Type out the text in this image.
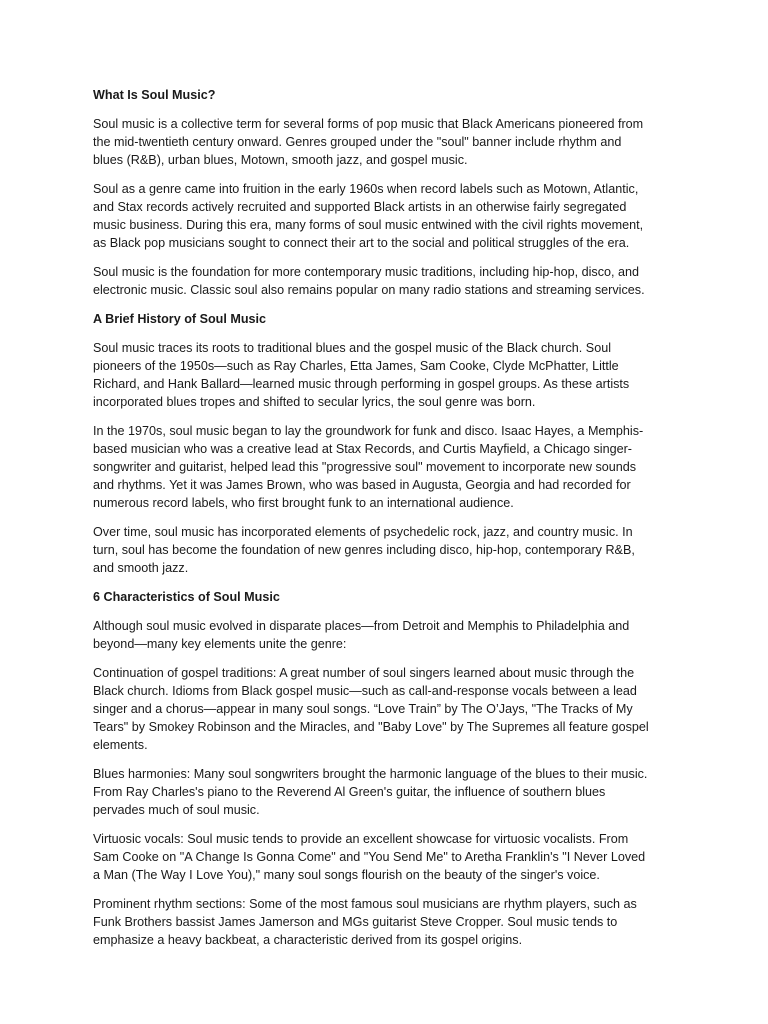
What Is Soul Music?
Soul music is a collective term for several forms of pop music that Black Americans pioneered from the mid-twentieth century onward. Genres grouped under the "soul" banner include rhythm and blues (R&B), urban blues, Motown, smooth jazz, and gospel music.
Soul as a genre came into fruition in the early 1960s when record labels such as Motown, Atlantic, and Stax records actively recruited and supported Black artists in an otherwise fairly segregated music business. During this era, many forms of soul music entwined with the civil rights movement, as Black pop musicians sought to connect their art to the social and political struggles of the era.
Soul music is the foundation for more contemporary music traditions, including hip-hop, disco, and electronic music. Classic soul also remains popular on many radio stations and streaming services.
A Brief History of Soul Music
Soul music traces its roots to traditional blues and the gospel music of the Black church. Soul pioneers of the 1950s—such as Ray Charles, Etta James, Sam Cooke, Clyde McPhatter, Little Richard, and Hank Ballard—learned music through performing in gospel groups. As these artists incorporated blues tropes and shifted to secular lyrics, the soul genre was born.
In the 1970s, soul music began to lay the groundwork for funk and disco. Isaac Hayes, a Memphis-based musician who was a creative lead at Stax Records, and Curtis Mayfield, a Chicago singer-songwriter and guitarist, helped lead this "progressive soul" movement to incorporate new sounds and rhythms. Yet it was James Brown, who was based in Augusta, Georgia and had recorded for numerous record labels, who first brought funk to an international audience.
Over time, soul music has incorporated elements of psychedelic rock, jazz, and country music. In turn, soul has become the foundation of new genres including disco, hip-hop, contemporary R&B, and smooth jazz.
6 Characteristics of Soul Music
Although soul music evolved in disparate places—from Detroit and Memphis to Philadelphia and beyond—many key elements unite the genre:
Continuation of gospel traditions: A great number of soul singers learned about music through the Black church. Idioms from Black gospel music—such as call-and-response vocals between a lead singer and a chorus—appear in many soul songs. “Love Train” by The O’Jays, "The Tracks of My Tears" by Smokey Robinson and the Miracles, and "Baby Love" by The Supremes all feature gospel elements.
Blues harmonies: Many soul songwriters brought the harmonic language of the blues to their music. From Ray Charles's piano to the Reverend Al Green's guitar, the influence of southern blues pervades much of soul music.
Virtuosic vocals: Soul music tends to provide an excellent showcase for virtuosic vocalists. From Sam Cooke on "A Change Is Gonna Come" and "You Send Me" to Aretha Franklin's "I Never Loved a Man (The Way I Love You)," many soul songs flourish on the beauty of the singer's voice.
Prominent rhythm sections: Some of the most famous soul musicians are rhythm players, such as Funk Brothers bassist James Jamerson and MGs guitarist Steve Cropper. Soul music tends to emphasize a heavy backbeat, a characteristic derived from its gospel origins.
